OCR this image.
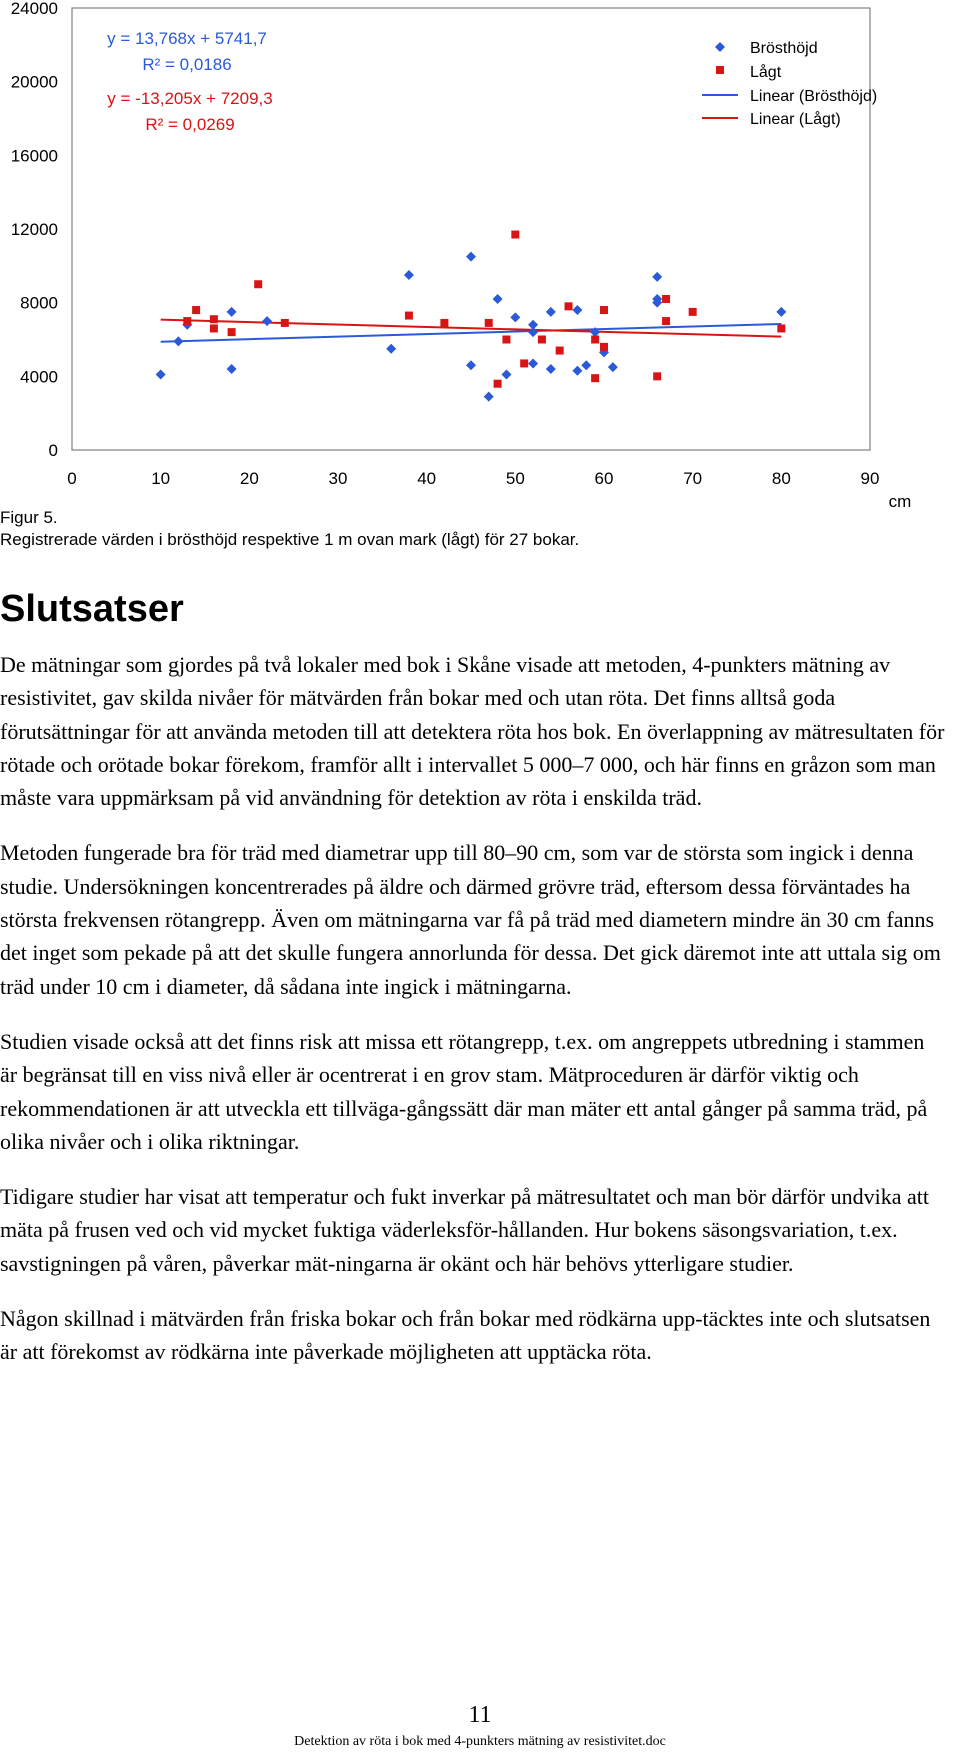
0
4000
8000
12000
16000
20000
24000
0	10	20	30	40	50	60	70	80	90
cm
y = 13,768x + 5741,7
R² = 0,0186
y = -13,205x + 7209,3
R² = 0,0269
Brösthöjd
Lågt
Linear (Brösthöjd)
Linear (Lågt)
Figur 5.
Registrerade värden i brösthöjd respektive 1 m ovan mark (lågt) för 27 bokar.
Slutsatser

De mätningar som gjordes på två lokaler med bok i Skåne visade att metoden, 4-punkters mätning av resistivitet, gav skilda nivåer för mätvärden från bokar med och utan röta. Det finns alltså goda förutsättningar för att använda metoden till att detektera röta hos bok. En överlappning av mätresultaten för rötade och orötade bokar förekom, framför allt i intervallet 5 000–7 000, och här finns en gråzon som man måste vara uppmärksam på vid användning för detektion av röta i enskilda träd.

Metoden fungerade bra för träd med diametrar upp till 80–90 cm, som var de största som ingick i denna studie. Undersökningen koncentrerades på äldre och därmed grövre träd, eftersom dessa förväntades ha största frekvensen rötangrepp. Även om mätningarna var få på träd med diametern mindre än 30 cm fanns det inget som pekade på att det skulle fungera annorlunda för dessa. Det gick däremot inte att uttala sig om träd under 10 cm i diameter, då sådana inte ingick i mätningarna.

Studien visade också att det finns risk att missa ett rötangrepp, t.ex. om angreppets utbredning i stammen är begränsat till en viss nivå eller är ocentrerat i en grov stam. Mätproceduren är därför viktig och rekommendationen är att utveckla ett tillväga-gångssätt där man mäter ett antal gånger på samma träd, på olika nivåer och i olika riktningar.

Tidigare studier har visat att temperatur och fukt inverkar på mätresultatet och man bör därför undvika att mäta på frusen ved och vid mycket fuktiga väderleksför-hållanden. Hur bokens säsongsvariation, t.ex. savstigningen på våren, påverkar mät-ningarna är okänt och här behövs ytterligare studier.

Någon skillnad i mätvärden från friska bokar och från bokar med rödkärna upp-täcktes inte och slutsatsen är att förekomst av rödkärna inte påverkade möjligheten att upptäcka röta.

11
Detektion av röta i bok med 4-punkters mätning av resistivitet.doc
